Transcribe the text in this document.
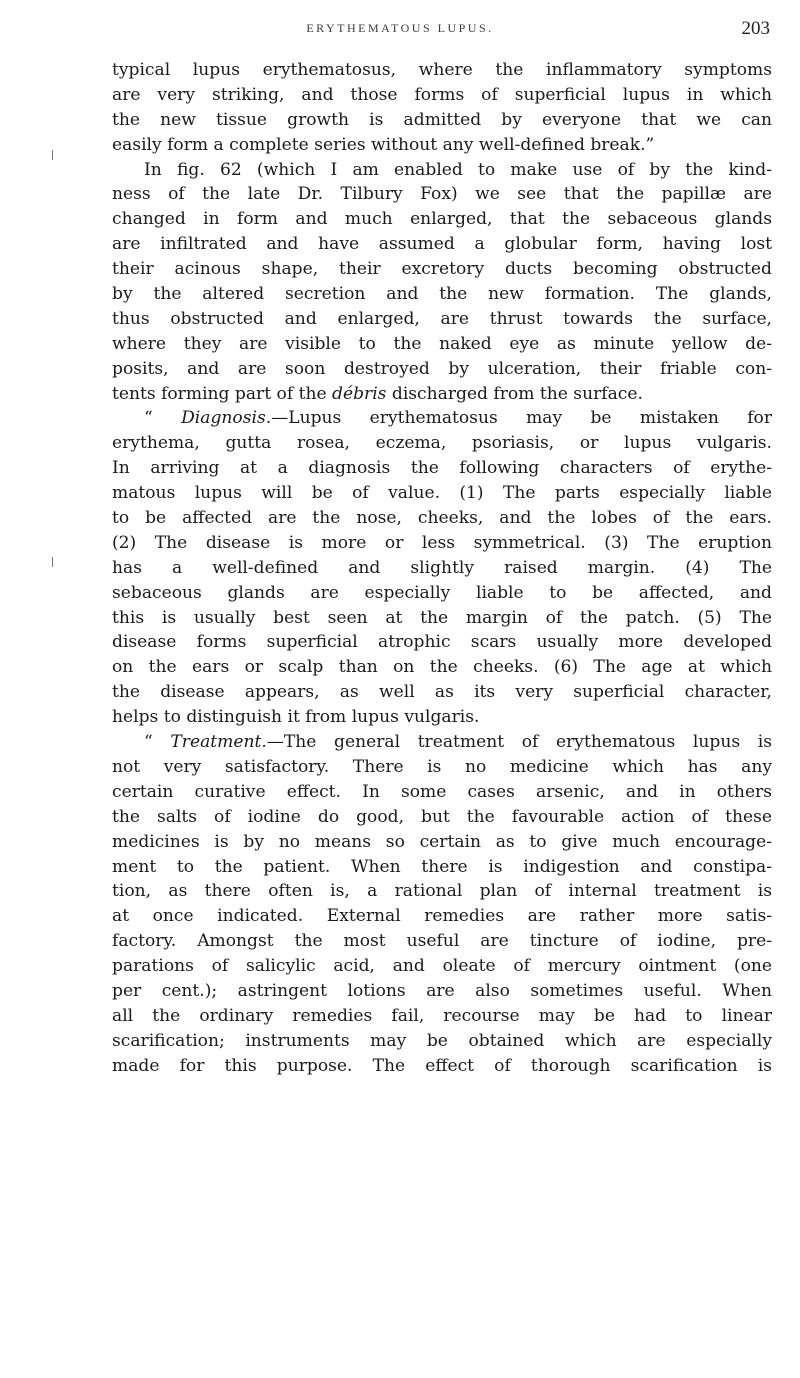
ERYTHEMATOUS LUPUS.	203
typical lupus erythematosus, where the inflammatory symptoms
are very striking, and those forms of superficial lupus in which
the new tissue growth is admitted by everyone that we can
easily form a complete series without any well-defined break.”
In fig. 62 (which I am enabled to make use of by the kind-
ness of the late Dr. Tilbury Fox) we see that the papillæ are
changed in form and much enlarged, that the sebaceous glands
are infiltrated and have assumed a globular form, having lost
their acinous shape, their excretory ducts becoming obstructed
by the altered secretion and the new formation. The glands,
thus obstructed and enlarged, are thrust towards the surface,
where they are visible to the naked eye as minute yellow de-
posits, and are soon destroyed by ulceration, their friable con-
tents forming part of the débris discharged from the surface.
“ Diagnosis.—Lupus erythematosus may be mistaken for
erythema, gutta rosea, eczema, psoriasis, or lupus vulgaris.
In arriving at a diagnosis the following characters of erythe-
matous lupus will be of value. (1) The parts especially liable
to be affected are the nose, cheeks, and the lobes of the ears.
(2) The disease is more or less symmetrical. (3) The eruption
has a well-defined and slightly raised margin. (4) The
sebaceous glands are especially liable to be affected, and
this is usually best seen at the margin of the patch. (5) The
disease forms superficial atrophic scars usually more developed
on the ears or scalp than on the cheeks. (6) The age at which
the disease appears, as well as its very superficial character,
helps to distinguish it from lupus vulgaris.
“ Treatment.—The general treatment of erythematous lupus is
not very satisfactory. There is no medicine which has any
certain curative effect. In some cases arsenic, and in others
the salts of iodine do good, but the favourable action of these
medicines is by no means so certain as to give much encourage-
ment to the patient. When there is indigestion and constipa-
tion, as there often is, a rational plan of internal treatment is
at once indicated. External remedies are rather more satis-
factory. Amongst the most useful are tincture of iodine, pre-
parations of salicylic acid, and oleate of mercury ointment (one
per cent.); astringent lotions are also sometimes useful. When
all the ordinary remedies fail, recourse may be had to linear
scarification; instruments may be obtained which are especially
made for this purpose. The effect of thorough scarification is
